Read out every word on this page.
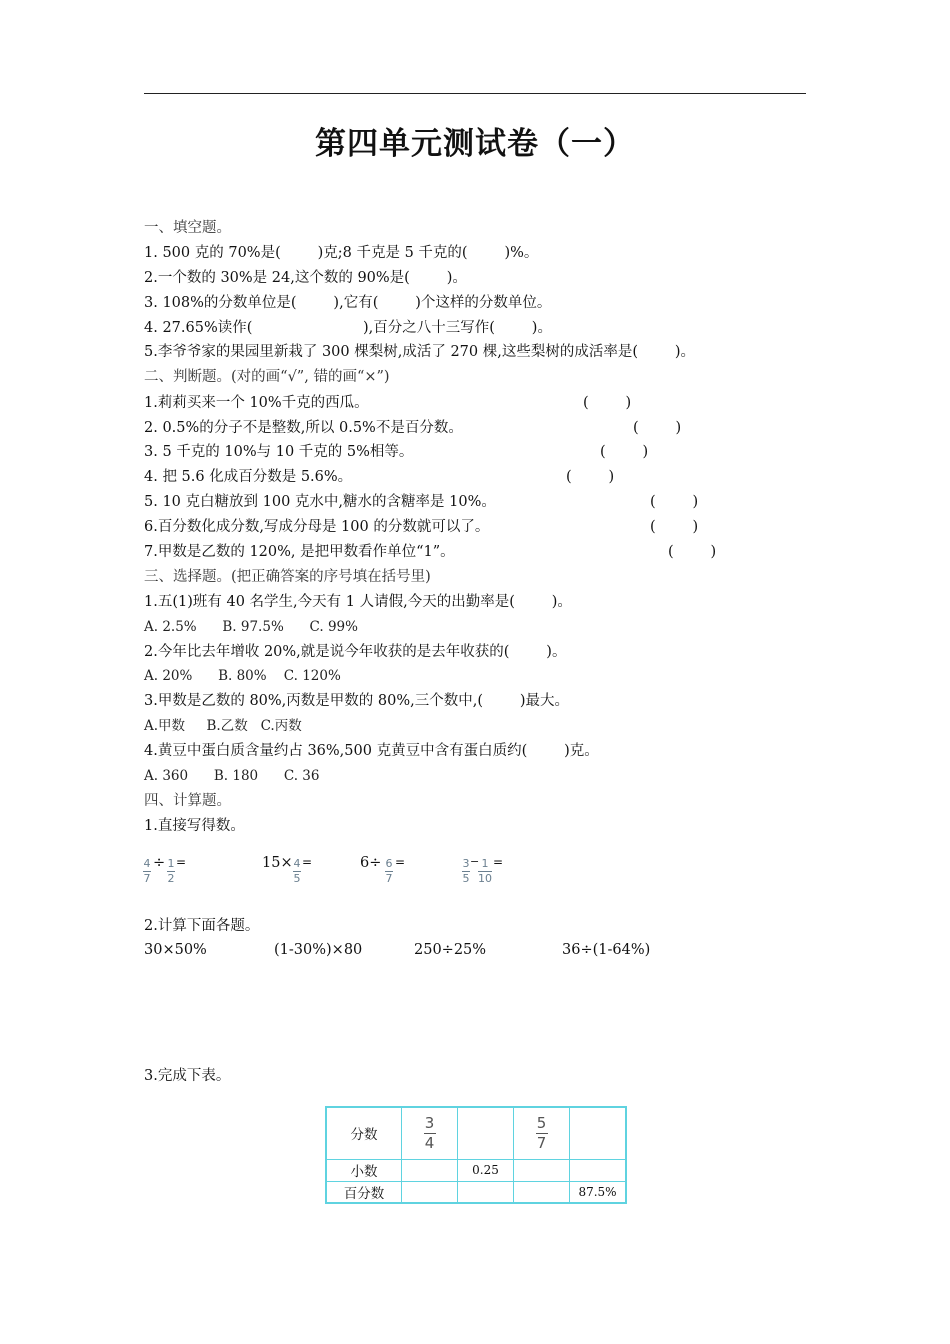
第四单元测试卷（一）
一、填空题。
1. 500 克的 70%是(        )克;8 千克是 5 千克的(        )%。
2.一个数的 30%是 24,这个数的 90%是(        )。
3. 108%的分数单位是(        ),它有(        )个这样的分数单位。
4. 27.65%读作(                        ),百分之八十三写作(        )。
5.李爷爷家的果园里新栽了 300 棵梨树,成活了 270 棵,这些梨树的成活率是(        )。
二、判断题。(对的画“√”, 错的画“×”)
1.莉莉买来一个 10%千克的西瓜。	(        )
2. 0.5%的分子不是整数,所以 0.5%不是百分数。	(        )
3. 5 千克的 10%与 10 千克的 5%相等。	(        )
4. 把 5.6 化成百分数是 5.6%。	(        )
5. 10 克白糖放到 100 克水中,糖水的含糖率是 10%。	(        )
6.百分数化成分数,写成分母是 100 的分数就可以了。	(        )
7.甲数是乙数的 120%, 是把甲数看作单位“1”。	(        )
三、选择题。(把正确答案的序号填在括号里)
1.五(1)班有 40 名学生,今天有 1 人请假,今天的出勤率是(        )。
A. 2.5%      B. 97.5%      C. 99%
2.今年比去年增收 20%,就是说今年收获的是去年收获的(        )。
A. 20%      B. 80%    C. 120%
3.甲数是乙数的 80%,丙数是甲数的 80%,三个数中,(        )最大。
A.甲数     B.乙数   C.丙数
4.黄豆中蛋白质含量约占 36%,500 克黄豆中含有蛋白质约(        )克。
A. 360      B. 180      C. 36
四、计算题。
1.直接写得数。
4
7
÷ 1
2
=	15× 4
5
=	6÷ 6
7
=	3
5
− 1
10
=
2.计算下面各题。
30×50%	(1-30%)×80	250÷25%	36÷(1-64%)
3.完成下表。
分数	$\frac{3}{4}$		$\frac{5}{7}$

小数		0.25		
百分数				87.5%
